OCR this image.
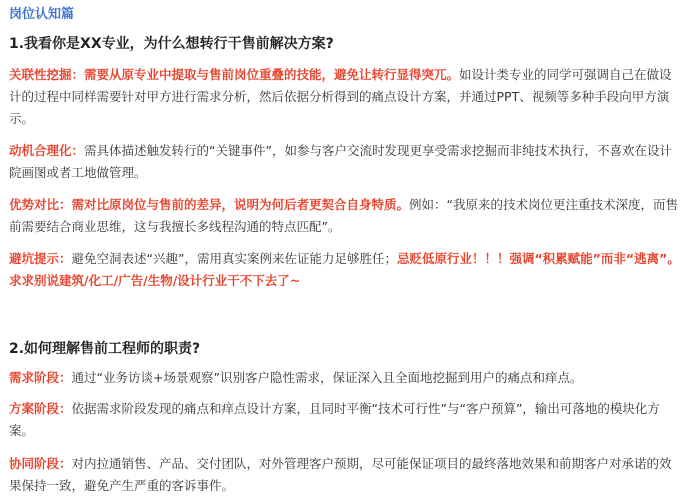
岗位认知篇
1.我看你是XX专业，为什么想转行干售前解决方案?
关联性挖掘：需要从原专业中提取与售前岗位重叠的技能，避免让转行显得突兀。如设计类专业的同学可强调自己在做设计的过程中同样需要针对甲方进行需求分析，然后依据分析得到的痛点设计方案，并通过PPT、视频等多种手段向甲方演示。
动机合理化：需具体描述触发转行的“关键事件”，如参与客户交流时发现更享受需求挖掘而非纯技术执行，不喜欢在设计院画图或者工地做管理。
优势对比：需对比原岗位与售前的差异，说明为何后者更契合自身特质。例如：“我原来的技术岗位更注重技术深度，而售前需要结合商业思维，这与我擅长多线程沟通的特点匹配”。
避坑提示：避免空洞表述“兴趣”，需用真实案例来佐证能力足够胜任；忌贬低原行业！！！强调“积累赋能”而非“逃离”。求求别说建筑/化工/广告/生物/设计行业干不下去了~
2.如何理解售前工程师的职责?
需求阶段：通过“业务访谈+场景观察”识别客户隐性需求，保证深入且全面地挖掘到用户的痛点和痒点。
方案阶段：依据需求阶段发现的痛点和痒点设计方案，且同时平衡“技术可行性”与“客户预算”，输出可落地的模块化方案。
协同阶段：对内拉通销售、产品、交付团队，对外管理客户预期，尽可能保证项目的最终落地效果和前期客户对承诺的效果保持一致，避免产生严重的客诉事件。
